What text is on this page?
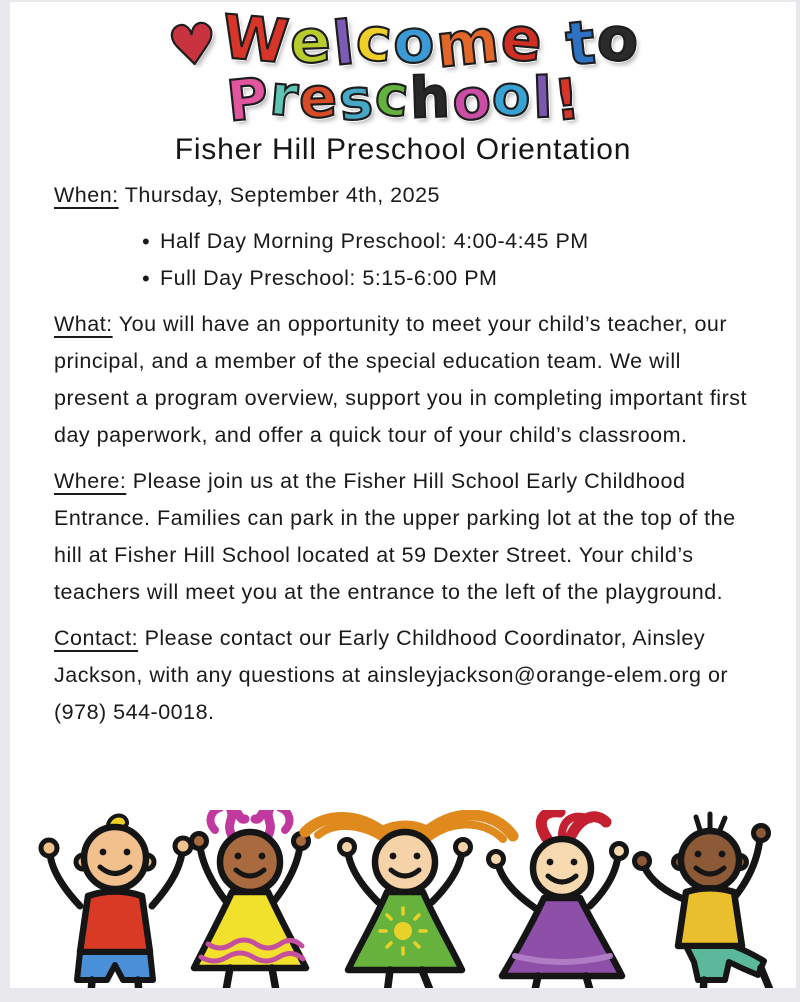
♥Welcome to
Preschool!
Fisher Hill Preschool Orientation
When: Thursday, September 4th, 2025
• Half Day Morning Preschool: 4:00-4:45 PM
• Full Day Preschool: 5:15-6:00 PM
What: You will have an opportunity to meet your child’s teacher, our principal, and a member of the special education team. We will present a program overview, support you in completing important first day paperwork, and offer a quick tour of your child’s classroom.
Where: Please join us at the Fisher Hill School Early Childhood Entrance. Families can park in the upper parking lot at the top of the hill at Fisher Hill School located at 59 Dexter Street. Your child’s teachers will meet you at the entrance to the left of the playground.
Contact: Please contact our Early Childhood Coordinator, Ainsley Jackson, with any questions at ainsleyjackson@orange-elem.org or (978) 544-0018.
